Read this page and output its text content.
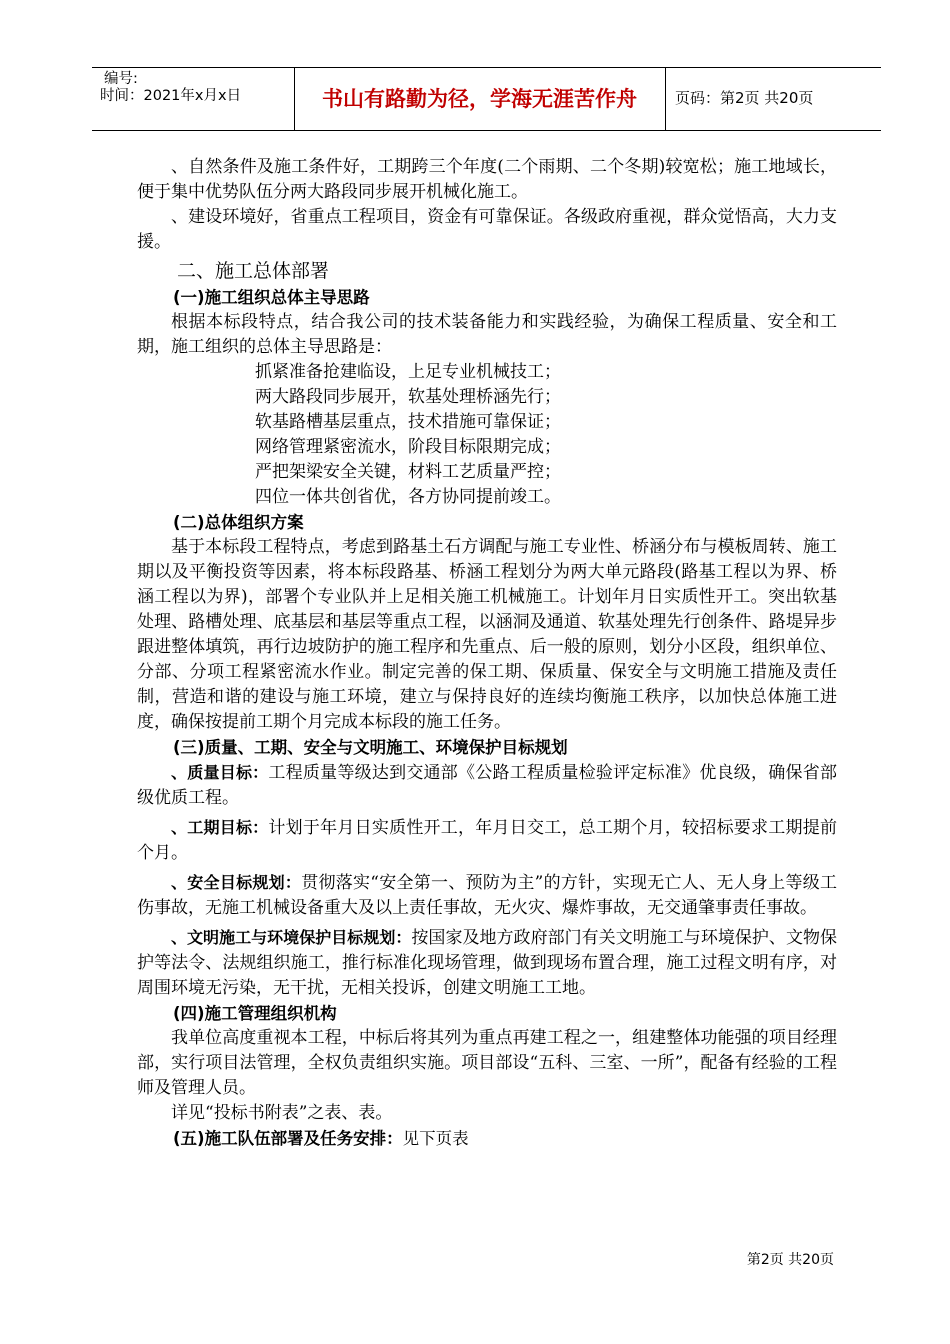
编号:
时间：2021年x月x日	书山有路勤为径，学海无涯苦作舟	页码：第2页 共20页

、自然条件及施工条件好，工期跨三个年度(二个雨期、二个冬期)较宽松；施工地域长，便于集中优势队伍分两大路段同步展开机械化施工。

、建设环境好，省重点工程项目，资金有可靠保证。各级政府重视，群众觉悟高，大力支援。

二、施工总体部署
(一)施工组织总体主导思路

根据本标段特点，结合我公司的技术装备能力和实践经验，为确保工程质量、安全和工期，施工组织的总体主导思路是：

抓紧准备抢建临设，上足专业机械技工；
两大路段同步展开，软基处理桥涵先行；
软基路槽基层重点，技术措施可靠保证；
网络管理紧密流水，阶段目标限期完成；
严把架梁安全关键，材料工艺质量严控；
四位一体共创省优，各方协同提前竣工。
(二)总体组织方案

基于本标段工程特点，考虑到路基土石方调配与施工专业性、桥涵分布与模板周转、施工期以及平衡投资等因素，将本标段路基、桥涵工程划分为两大单元路段(路基工程以为界、桥涵工程以为界)，部署个专业队并上足相关施工机械施工。计划年月日实质性开工。突出软基处理、路槽处理、底基层和基层等重点工程，以涵洞及通道、软基处理先行创条件、路堤异步跟进整体填筑，再行边坡防护的施工程序和先重点、后一般的原则，划分小区段，组织单位、分部、分项工程紧密流水作业。制定完善的保工期、保质量、保安全与文明施工措施及责任制，营造和谐的建设与施工环境，建立与保持良好的连续均衡施工秩序，以加快总体施工进度，确保按提前工期个月完成本标段的施工任务。

(三)质量、工期、安全与文明施工、环境保护目标规划

、质量目标：工程质量等级达到交通部《公路工程质量检验评定标准》优良级，确保省部级优质工程。

、工期目标：计划于年月日实质性开工，年月日交工，总工期个月，较招标要求工期提前个月。

、安全目标规划：贯彻落实“安全第一、预防为主”的方针，实现无亡人、无人身上等级工伤事故，无施工机械设备重大及以上责任事故，无火灾、爆炸事故，无交通肇事责任事故。

、文明施工与环境保护目标规划：按国家及地方政府部门有关文明施工与环境保护、文物保护等法令、法规组织施工，推行标准化现场管理，做到现场布置合理，施工过程文明有序，对周围环境无污染，无干扰，无相关投诉，创建文明施工工地。

(四)施工管理组织机构

我单位高度重视本工程，中标后将其列为重点再建工程之一，组建整体功能强的项目经理部，实行项目法管理，全权负责组织实施。项目部设“五科、三室、一所”，配备有经验的工程师及管理人员。

详见“投标书附表”之表、表。

(五)施工队伍部署及任务安排：见下页表
第2页 共20页
